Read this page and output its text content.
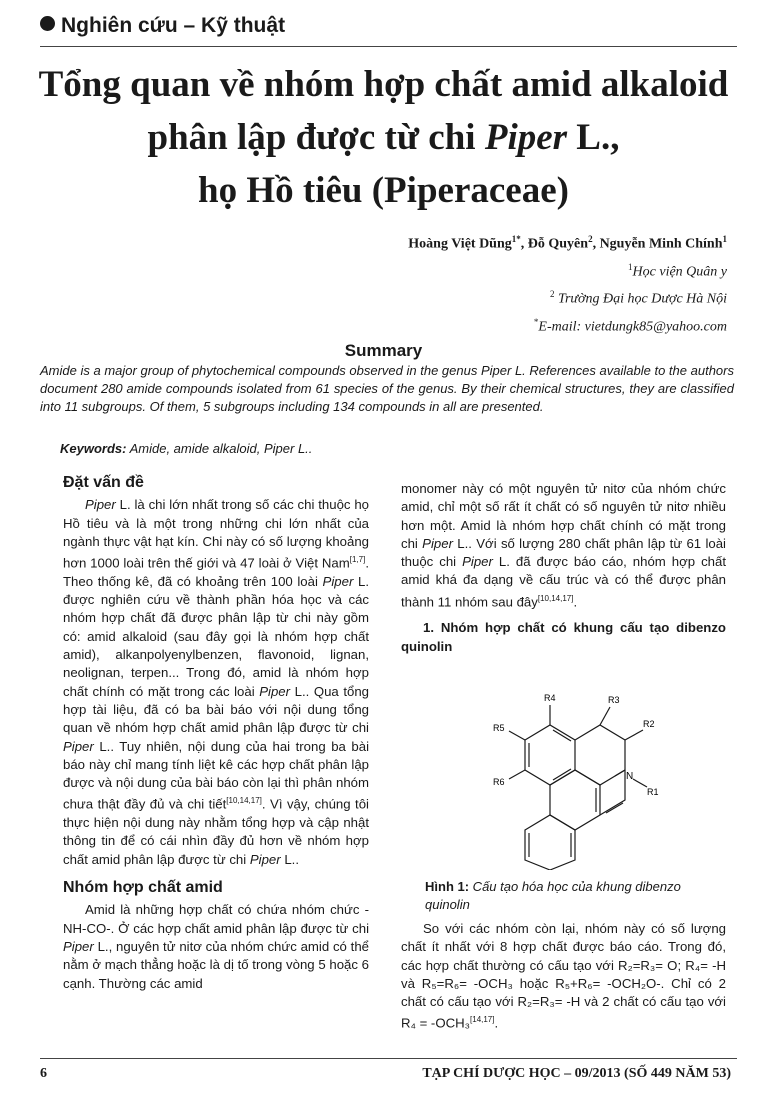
Nghiên cứu – Kỹ thuật
Tổng quan về nhóm hợp chất amid alkaloid
phân lập được từ chi Piper L.,
họ Hồ tiêu (Piperaceae)
Hoàng Việt Dũng$^{1*}$, Đỗ Quyên$^2$, Nguyễn Minh Chính$^1$
$^1$Học viện Quân y
$^2$ Trường Đại học Dược Hà Nội
*E-mail: vietdungk85@yahoo.com
Summary
Amide is a major group of phytochemical compounds observed in the genus Piper L. References available to the authors document 280 amide compounds isolated from 61 species of the genus. By their chemical structures, they are classified into 11 subgroups. Of them, 5 subgroups including 134 compounds in all are presented.
Keywords: Amide, amide alkaloid, Piper L..
Đặt vấn đề

Piper L. là chi lớn nhất trong số các chi thuộc họ Hồ tiêu và là một trong những chi lớn nhất của ngành thực vật hạt kín. Chi này có số lượng khoảng hơn 1000 loài trên thế giới và 47 loài ở Việt Nam[1,7]. Theo thống kê, đã có khoảng trên 100 loài Piper L. được nghiên cứu về thành phần hóa học và các nhóm hợp chất đã được phân lập từ chi này gồm có: amid alkaloid (sau đây gọi là nhóm hợp chất amid), alkanpolyenylbenzen, flavonoid, lignan, neolignan, terpen... Trong đó, amid là nhóm hợp chất chính có mặt trong các loài Piper L.. Qua tổng hợp tài liệu, đã có ba bài báo với nội dung tổng quan về nhóm hợp chất amid phân lập được từ chi Piper L.. Tuy nhiên, nội dung của hai trong ba bài báo này chỉ mang tính liệt kê các hợp chất phân lập được và nội dung của bài báo còn lại thì phân nhóm chưa thật đầy đủ và chi tiết[10,14,17]. Vì vậy, chúng tôi thực hiện nội dung này nhằm tổng hợp và cập nhật thông tin để có cái nhìn đầy đủ hơn về nhóm hợp chất amid phân lập được từ chi Piper L..

Nhóm hợp chất amid

Amid là những hợp chất có chứa nhóm chức -NH-CO-. Ở các hợp chất amid phân lập được từ chi Piper L., nguyên tử nitơ của nhóm chức amid có thể nằm ở mạch thẳng hoặc là dị tố trong vòng 5 hoặc 6 cạnh. Thường các amid

monomer này có một nguyên tử nitơ của nhóm chức amid, chỉ một số rất ít chất có số nguyên tử nitơ nhiều hơn một. Amid là nhóm hợp chất chính có mặt trong chi Piper L.. Với số lượng 280 chất phân lập từ 61 loài thuộc chi Piper L. đã được báo cáo, nhóm hợp chất amid khá đa dạng về cấu trúc và có thể được phân thành 11 nhóm sau đây[10,14,17].

1. Nhóm hợp chất có khung cấu tạo dibenzo quinolin
R4	R3
R2
R5
R6	N
R1
Hình 1: Cấu tạo hóa học của khung dibenzo quinolin

So với các nhóm còn lại, nhóm này có số lượng chất ít nhất với 8 hợp chất được báo cáo. Trong đó, các hợp chất thường có cấu tạo với R₂=R₃= O; R₄= -H và R₅=R₆= -OCH₃ hoặc R₅+R₆= -OCH₂O-. Chỉ có 2 chất có cấu tạo với R₂=R₃= -H và 2 chất có cấu tạo với R₄ = -OCH₃[14,17].

6	TẠP CHÍ DƯỢC HỌC – 09/2013 (SỐ 449 NĂM 53)
